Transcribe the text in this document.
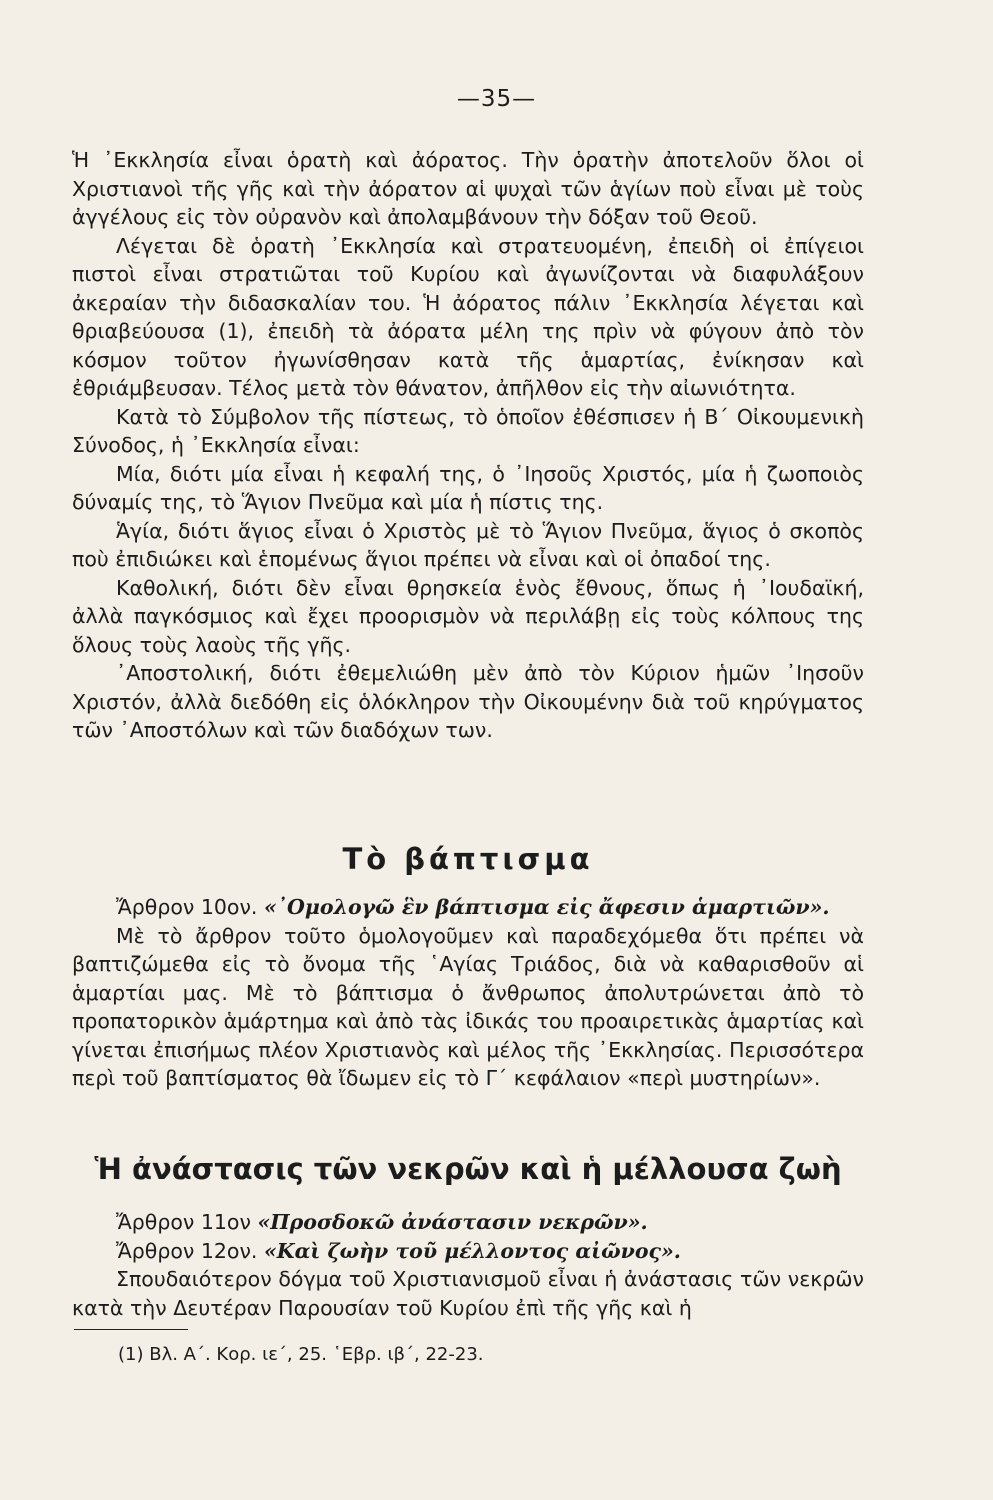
—35—

Ἡ ᾿Εκκλησία εἶναι ὁρατὴ καὶ ἀόρατος. Τὴν ὁρατὴν ἀποτελοῦν ὅλοι οἱ Χριστιανοὶ τῆς γῆς καὶ τὴν ἀόρατον αἱ ψυχαὶ τῶν ἁγίων ποὺ εἶναι μὲ τοὺς ἀγγέλους εἰς τὸν οὐρανὸν καὶ ἀπολαμβάνουν τὴν δόξαν τοῦ Θεοῦ.

Λέγεται δὲ ὁρατὴ ᾿Εκκλησία καὶ στρατευομένη, ἐπειδὴ οἱ ἐπίγειοι πιστοὶ εἶναι στρατιῶται τοῦ Κυρίου καὶ ἀγωνίζονται νὰ διαφυλάξουν ἀκεραίαν τὴν διδασκαλίαν του. Ἡ ἀόρατος πάλιν ᾿Εκκλησία λέγεται καὶ θριαβεύουσα (1), ἐπειδὴ τὰ ἀόρατα μέλη της πρὶν νὰ φύγουν ἀπὸ τὸν κόσμον τοῦτον ἠγωνίσθησαν κατὰ τῆς ἁμαρτίας, ἐνίκησαν καὶ ἐθριάμβευσαν. Τέλος μετὰ τὸν θάνατον, ἀπῆλθον εἰς τὴν αἰωνιότητα.

Κατὰ τὸ Σύμβολον τῆς πίστεως, τὸ ὁποῖον ἐθέσπισεν ἡ Β΄ Οἰκουμενικὴ Σύνοδος, ἡ ᾿Εκκλησία εἶναι:

Μία, διότι μία εἶναι ἡ κεφαλή της, ὁ ᾿Ιησοῦς Χριστός, μία ἡ ζωοποιὸς δύναμίς της, τὸ Ἅγιον Πνεῦμα καὶ μία ἡ πίστις της.

Ἁγία, διότι ἅγιος εἶναι ὁ Χριστὸς μὲ τὸ Ἅγιον Πνεῦμα, ἅγιος ὁ σκοπὸς ποὺ ἐπιδιώκει καὶ ἑπομένως ἅγιοι πρέπει νὰ εἶναι καὶ οἱ ὀπαδοί της.

Καθολική, διότι δὲν εἶναι θρησκεία ἑνὸς ἔθνους, ὅπως ἡ ᾿Ιουδαϊκή, ἀλλὰ παγκόσμιος καὶ ἔχει προορισμὸν νὰ περιλάβῃ εἰς τοὺς κόλπους της ὅλους τοὺς λαοὺς τῆς γῆς.

᾿Αποστολική, διότι ἐθεμελιώθη μὲν ἀπὸ τὸν Κύριον ἡμῶν ᾿Ιησοῦν Χριστόν, ἀλλὰ διεδόθη εἰς ὁλόκληρον τὴν Οἰκουμένην διὰ τοῦ κηρύγματος τῶν ᾿Αποστόλων καὶ τῶν διαδόχων των.

Τὸ βάπτισμα

Ἄρθρον 10ον. «᾿Ομολογῶ ἓν βάπτισμα εἰς ἄφεσιν ἁμαρτιῶν».

Μὲ τὸ ἄρθρον τοῦτο ὁμολογοῦμεν καὶ παραδεχόμεθα ὅτι πρέπει νὰ βαπτιζώμεθα εἰς τὸ ὄνομα τῆς ῾Αγίας Τριάδος, διὰ νὰ καθαρισθοῦν αἱ ἁμαρτίαι μας. Μὲ τὸ βάπτισμα ὁ ἄνθρωπος ἀπολυτρώνεται ἀπὸ τὸ προπατορικὸν ἁμάρτημα καὶ ἀπὸ τὰς ἰδικάς του προαιρετικὰς ἁμαρτίας καὶ γίνεται ἐπισήμως πλέον Χριστιανὸς καὶ μέλος τῆς ᾿Εκκλησίας. Περισσότερα περὶ τοῦ βαπτίσματος θὰ ἴδωμεν εἰς τὸ Γ΄ κεφάλαιον «περὶ μυστηρίων».

Ἡ ἀνάστασις τῶν νεκρῶν καὶ ἡ μέλλουσα ζωὴ

Ἄρθρον 11ον «Προσδοκῶ ἀνάστασιν νεκρῶν».

Ἄρθρον 12ον. «Καὶ ζωὴν τοῦ μέλλοντος αἰῶνος».

Σπουδαιότερον δόγμα τοῦ Χριστιανισμοῦ εἶναι ἡ ἀνάστασις τῶν νεκρῶν κατὰ τὴν Δευτέραν Παρουσίαν τοῦ Κυρίου ἐπὶ τῆς γῆς καὶ ἡ

(1) Βλ. Α΄. Κορ. ιε΄, 25. ῾Εβρ. ιβ΄, 22-23.
